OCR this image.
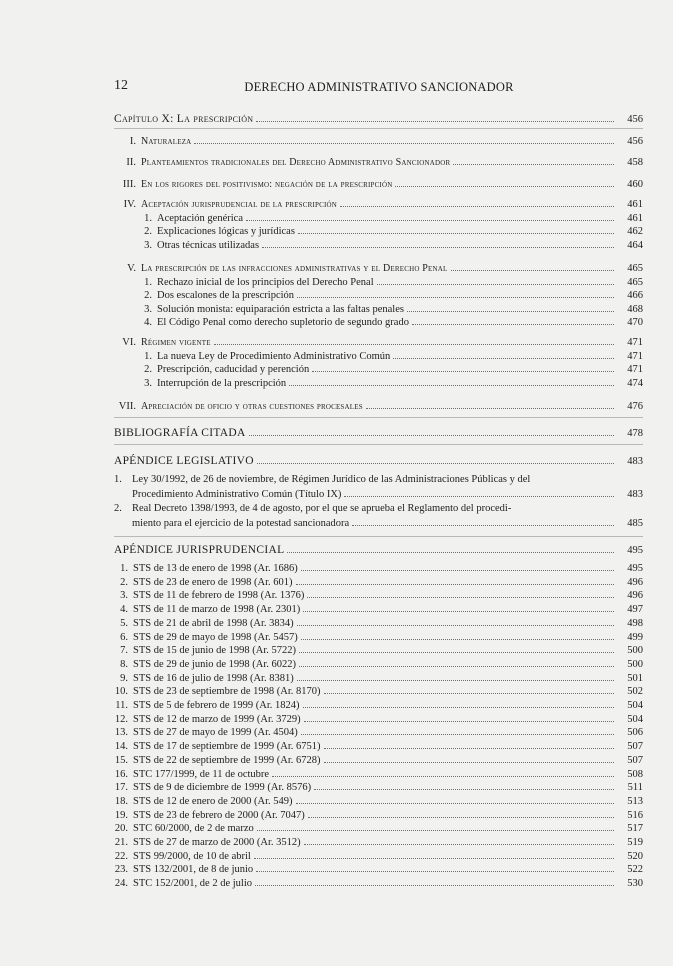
12	DERECHO ADMINISTRATIVO SANCIONADOR
Capítulo X: La prescripción	456
I. Naturaleza	456
II. Planteamientos tradicionales del Derecho Administrativo Sancionador	458
III. En los rigores del positivismo: negación de la prescripción	460
IV. Aceptación jurisprudencial de la prescripción	461
1. Aceptación genérica	461
2. Explicaciones lógicas y jurídicas	462
3. Otras técnicas utilizadas	464
V. La prescripción de las infracciones administrativas y el Derecho Penal	465
1. Rechazo inicial de los principios del Derecho Penal	465
2. Dos escalones de la prescripción	466
3. Solución monista: equiparación estricta a las faltas penales	468
4. El Código Penal como derecho supletorio de segundo grado	470
VI. Régimen vigente	471
1. La nueva Ley de Procedimiento Administrativo Común	471
2. Prescripción, caducidad y perención	471
3. Interrupción de la prescripción	474
VII. Apreciación de oficio y otras cuestiones procesales	476
BIBLIOGRAFÍA CITADA	478
APÉNDICE LEGISLATIVO	483
1. Ley 30/1992, de 26 de noviembre, de Régimen Jurídico de las Administraciones Públicas y del
Procedimiento Administrativo Común (Título IX)	483
2. Real Decreto 1398/1993, de 4 de agosto, por el que se aprueba el Reglamento del procedi-
miento para el ejercicio de la potestad sancionadora	485
APÉNDICE JURISPRUDENCIAL	495
1. STS de 13 de enero de 1998 (Ar. 1686)	495
2. STS de 23 de enero de 1998 (Ar. 601)	496
3. STS de 11 de febrero de 1998 (Ar. 1376)	496
4. STS de 11 de marzo de 1998 (Ar. 2301)	497
5. STS de 21 de abril de 1998 (Ar. 3834)	498
6. STS de 29 de mayo de 1998 (Ar. 5457)	499
7. STS de 15 de junio de 1998 (Ar. 5722)	500
8. STS de 29 de junio de 1998 (Ar. 6022)	500
9. STS de 16 de julio de 1998 (Ar. 8381)	501
10. STS de 23 de septiembre de 1998 (Ar. 8170)	502
11. STS de 5 de febrero de 1999 (Ar. 1824)	504
12. STS de 12 de marzo de 1999 (Ar. 3729)	504
13. STS de 27 de mayo de 1999 (Ar. 4504)	506
14. STS de 17 de septiembre de 1999 (Ar. 6751)	507
15. STS de 22 de septiembre de 1999 (Ar. 6728)	507
16. STC 177/1999, de 11 de octubre	508
17. STS de 9 de diciembre de 1999 (Ar. 8576)	511
18. STS de 12 de enero de 2000 (Ar. 549)	513
19. STS de 23 de febrero de 2000 (Ar. 7047)	516
20. STC 60/2000, de 2 de marzo	517
21. STS de 27 de marzo de 2000 (Ar. 3512)	519
22. STS 99/2000, de 10 de abril	520
23. STS 132/2001, de 8 de junio	522
24. STC 152/2001, de 2 de julio	530
